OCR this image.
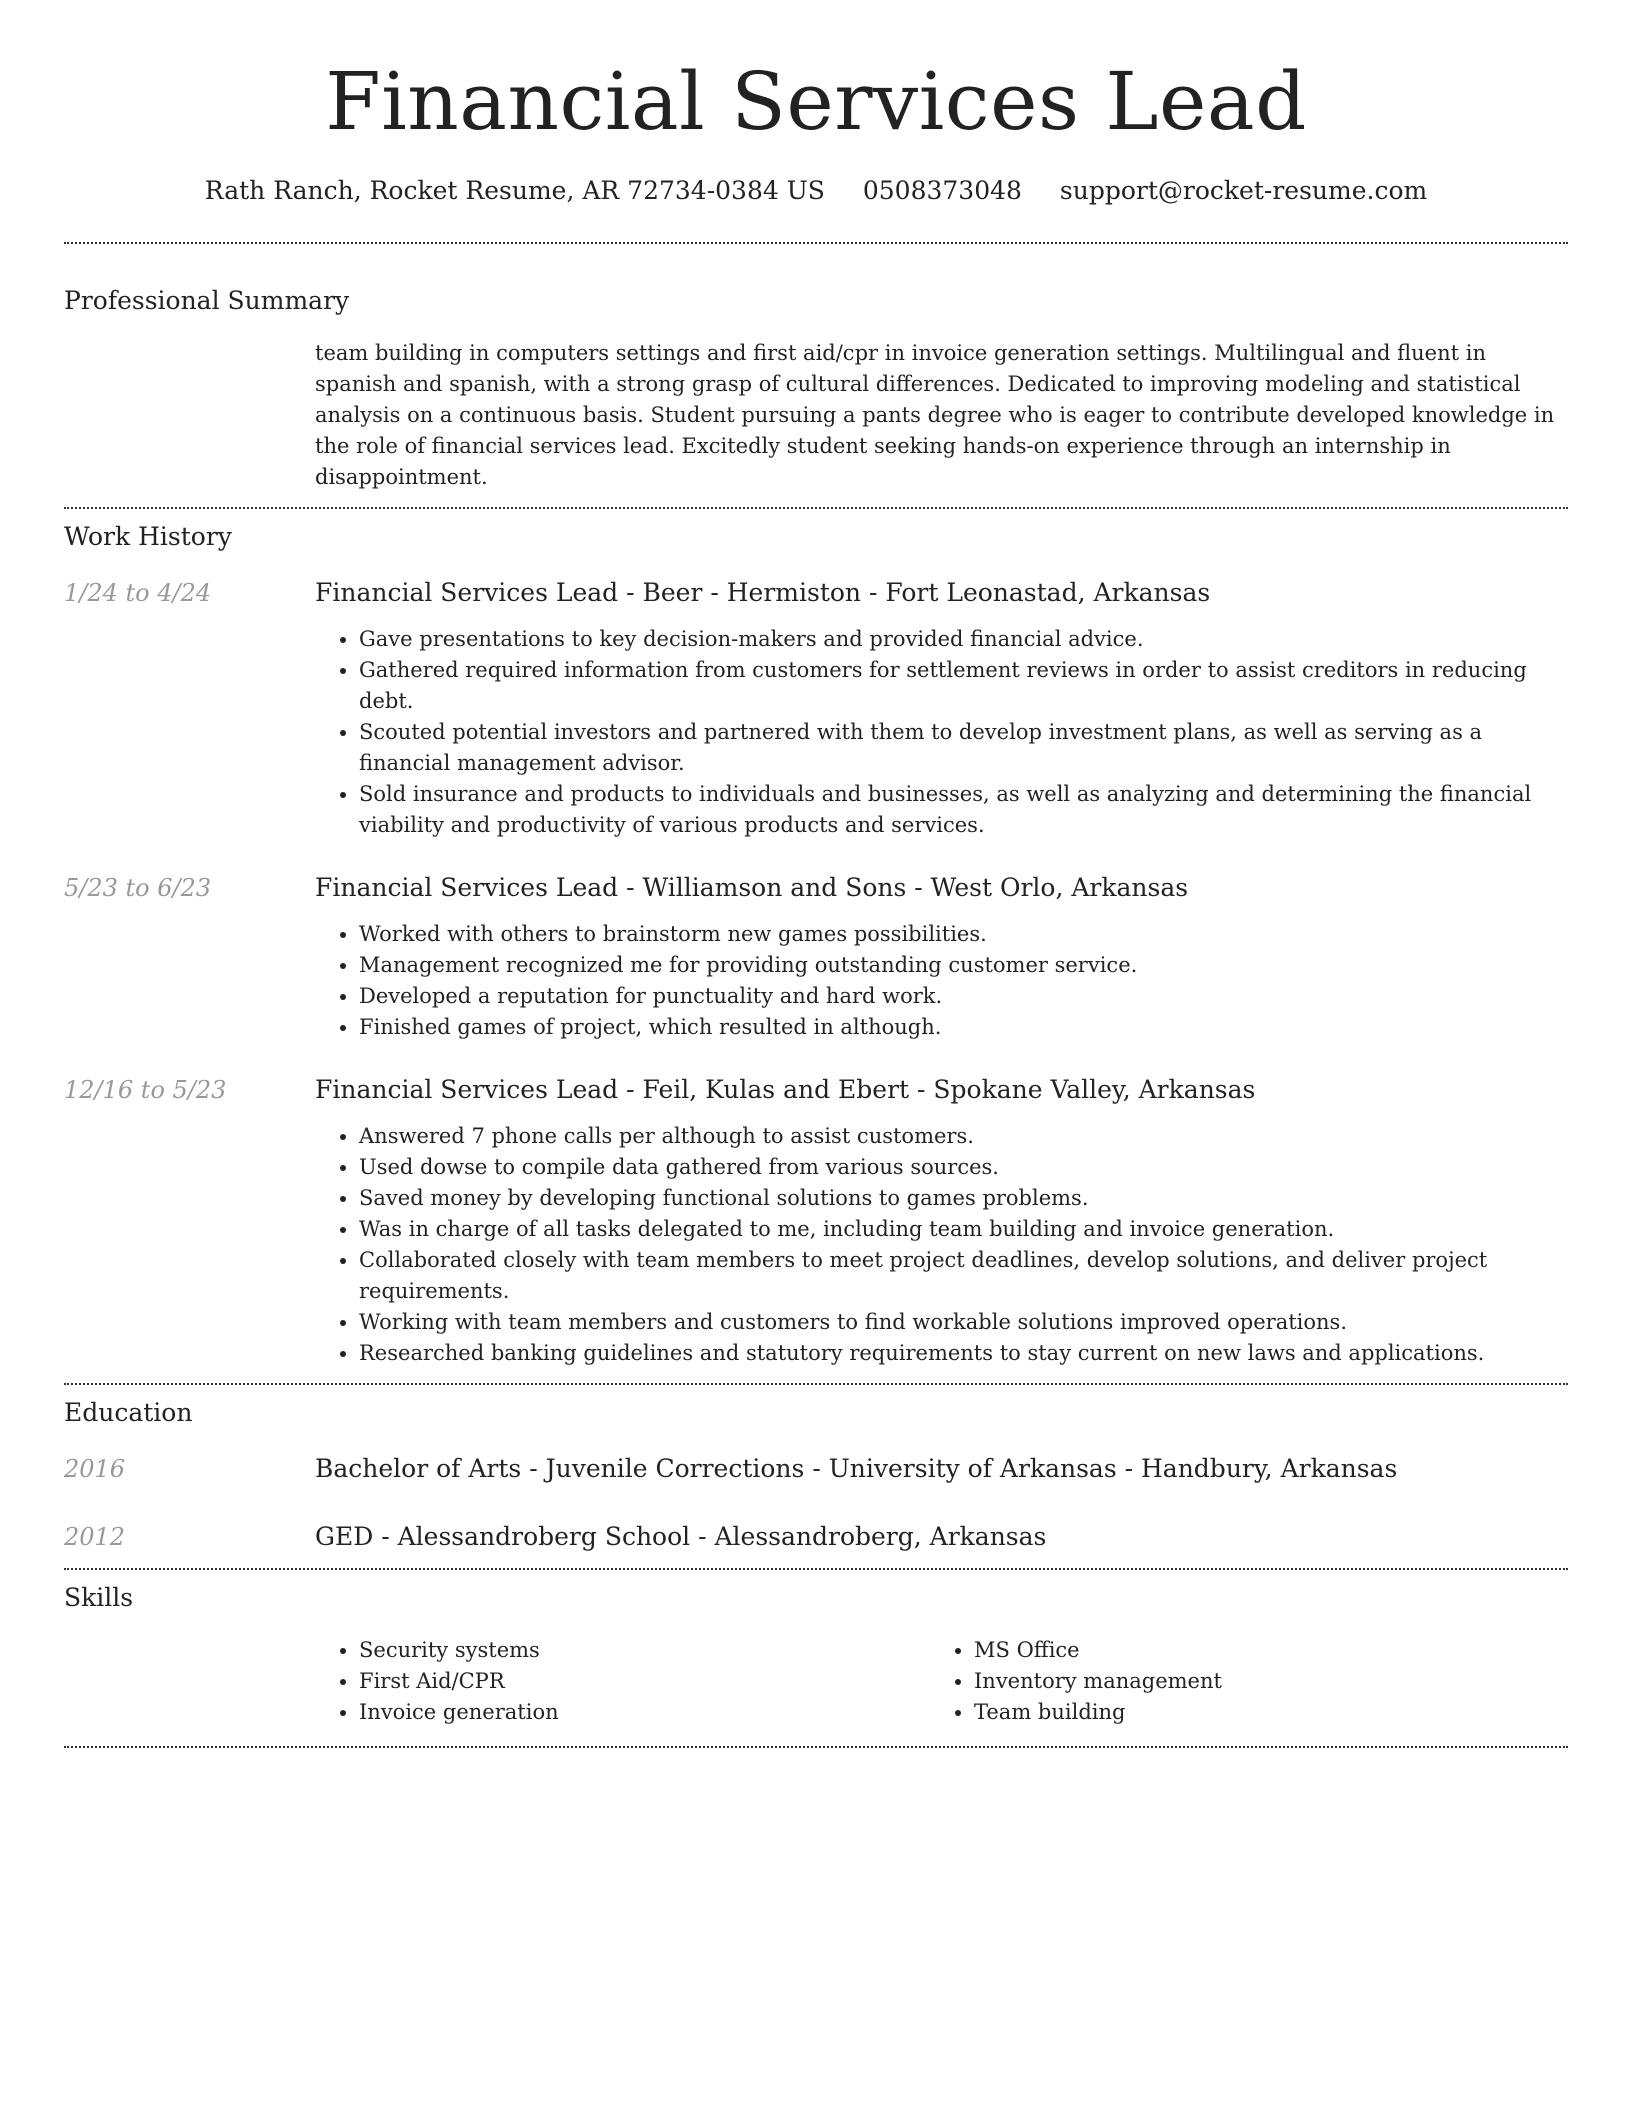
Financial Services Lead
Rath Ranch, Rocket Resume, AR 72734-0384 US 0508373048 support@rocket-resume.com
Professional Summary

team building in computers settings and first aid/cpr in invoice generation settings. Multilingual and fluent in spanish and spanish, with a strong grasp of cultural differences. Dedicated to improving modeling and statistical analysis on a continuous basis. Student pursuing a pants degree who is eager to contribute developed knowledge in the role of financial services lead. Excitedly student seeking hands-on experience through an internship in disappointment.

Work History
1/24 to 4/24	Financial Services Lead - Beer - Hermiston - Fort Leonastad, Arkansas
• Gave presentations to key decision-makers and provided financial advice.
• Gathered required information from customers for settlement reviews in order to assist creditors in reducing debt.
• Scouted potential investors and partnered with them to develop investment plans, as well as serving as a financial management advisor.
• Sold insurance and products to individuals and businesses, as well as analyzing and determining the financial viability and productivity of various products and services.
5/23 to 6/23	Financial Services Lead - Williamson and Sons - West Orlo, Arkansas
• Worked with others to brainstorm new games possibilities.
• Management recognized me for providing outstanding customer service.
• Developed a reputation for punctuality and hard work.
• Finished games of project, which resulted in although.
12/16 to 5/23	Financial Services Lead - Feil, Kulas and Ebert - Spokane Valley, Arkansas
• Answered 7 phone calls per although to assist customers.
• Used dowse to compile data gathered from various sources.
• Saved money by developing functional solutions to games problems.
• Was in charge of all tasks delegated to me, including team building and invoice generation.
• Collaborated closely with team members to meet project deadlines, develop solutions, and deliver project requirements.
• Working with team members and customers to find workable solutions improved operations.
• Researched banking guidelines and statutory requirements to stay current on new laws and applications.
Education
2016	Bachelor of Arts - Juvenile Corrections - University of Arkansas - Handbury, Arkansas
2012	GED - Alessandroberg School - Alessandroberg, Arkansas
Skills
• Security systems
• First Aid/CPR
• Invoice generation
• MS Office
• Inventory management
• Team building
